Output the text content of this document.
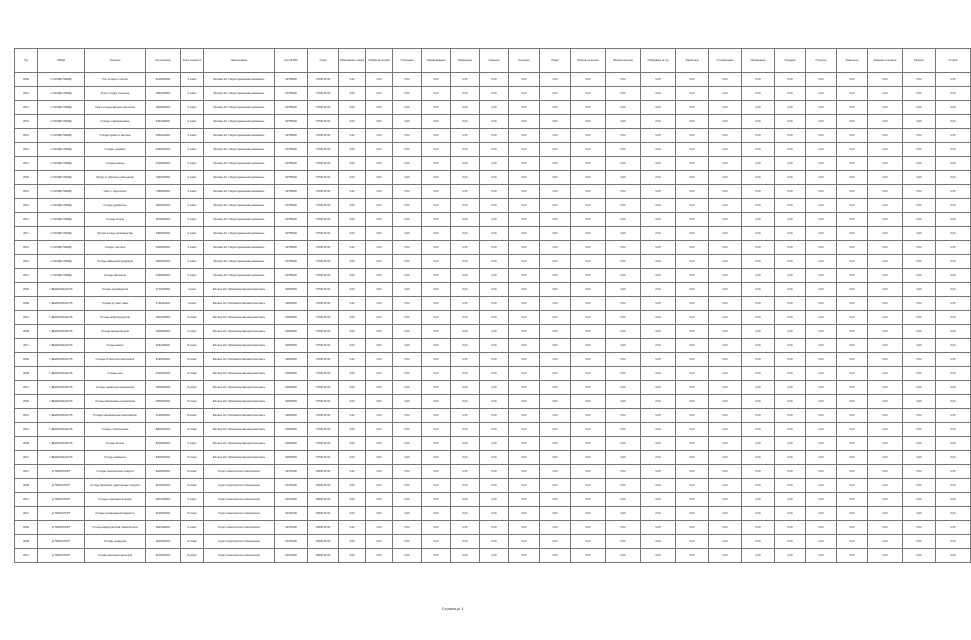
Год	ОКПД2	Описание	Код описания	Класс опасности	Наименование	Код ОКТМО	Отход	Образование отходов	Обработка отходов	Утилизация	Обезвреживание	Размещение	Хранение	Передача	Прием	Наличие на начало	Наличие на конец	Образовано за год	Обработано	Утилизировано	Обезврежено	Передано	Получено	Размещено	Хранение сторонних	Наличие	Остаток
2006	С ОКПД2 ОКВЭД	Ухо -отходы и прочее	4615000202	V класс	Филиал АО «Территориальная компания»	54756000	77000 00 00	0,00	0,00	0,00	0,00	0,00	0,00	0,00	0,00	0,00	0,00	0,00	0,00	0,00	0,00	0,00	0,00	0,00	0,00	0,00	0,00
2012	С ОКПД2 ОКВЭД	Лом и отходы стальные	4680102001	V класс	Филиал АО «Территориальная компания»	54756000	77000 00 00	0,00	0,00	0,00	0,00	0,00	0,00	0,00	0,00	0,00	0,00	0,00	0,00	0,00	0,00	0,00	0,00	0,00	0,00	0,00	0,00
2012	С ОКПД2 ОКВЭД	Лом и отходы цветных металлов	4620000001	V класс	Филиал АО «Территориальная компания»	54756000	77000 00 00	0,00	0,00	0,00	0,00	0,00	0,00	0,00	0,00	0,00	0,00	0,00	0,00	0,00	0,00	0,00	0,00	0,00	0,00	0,00	0,00
2010	С ОКПД2 ОКВЭД	Отходы пластмассовые	4341100001	V класс	Филиал АО «Территориальная компания»	54756000	77000 00 00	0,00	0,00	0,00	0,00	0,00	0,00	0,00	0,00	0,00	0,00	0,00	0,00	0,00	0,00	0,00	0,00	0,00	0,00	0,00	0,00
2012	С ОКПД2 ОКВЭД	Отходы бумаги и картона	4051010001	V класс	Филиал АО «Территориальная компания»	54756000	77000 00 00	0,00	0,00	0,00	0,00	0,00	0,00	0,00	0,00	0,00	0,00	0,00	0,00	0,00	0,00	0,00	0,00	0,00	0,00	0,00	0,00
2014	С ОКПД2 ОКВЭД	Отходы упаковки	4340000001	V класс	Филиал АО «Территориальная компания»	54756000	77000 00 00	0,00	0,00	0,00	0,00	0,00	0,00	0,00	0,00	0,00	0,00	0,00	0,00	0,00	0,00	0,00	0,00	0,00	0,00	0,00	0,00
2012	С ОКПД2 ОКВЭД	Отходы резины	4310000001	V класс	Филиал АО «Территориальная компания»	54756000	77000 00 00	0,00	0,00	0,00	0,00	0,00	0,00	0,00	0,00	0,00	0,00	0,00	0,00	0,00	0,00	0,00	0,00	0,00	0,00	0,00	0,00
2006	С ОКПД2 ОКВЭД	Мусор от офисных помещений	7331000001	V класс	Филиал АО «Территориальная компания»	54756000	77000 00 00	0,00	0,00	0,00	0,00	0,00	0,00	0,00	0,00	0,00	0,00	0,00	0,00	0,00	0,00	0,00	0,00	0,00	0,00	0,00	0,00
2012	С ОКПД2 ОКВЭД	Смет с территории	7339000001	V класс	Филиал АО «Территориальная компания»	54756000	77000 00 00	0,00	0,00	0,00	0,00	0,00	0,00	0,00	0,00	0,00	0,00	0,00	0,00	0,00	0,00	0,00	0,00	0,00	0,00	0,00	0,00
2012	С ОКПД2 ОКВЭД	Отходы древесины	3050000001	V класс	Филиал АО «Территориальная компания»	54756000	77000 00 00	0,00	0,00	0,00	0,00	0,00	0,00	0,00	0,00	0,00	0,00	0,00	0,00	0,00	0,00	0,00	0,00	0,00	0,00	0,00	0,00
2012	С ОКПД2 ОКВЭД	Отходы стекла	4510000001	V класс	Филиал АО «Территориальная компания»	54756000	77000 00 00	0,00	0,00	0,00	0,00	0,00	0,00	0,00	0,00	0,00	0,00	0,00	0,00	0,00	0,00	0,00	0,00	0,00	0,00	0,00	0,00
2011	С ОКПД2 ОКВЭД	Прочие отходы производства	4000000001	V класс	Филиал АО «Территориальная компания»	54756000	77000 00 00	0,00	0,00	0,00	0,00	0,00	0,00	0,00	0,00	0,00	0,00	0,00	0,00	0,00	0,00	0,00	0,00	0,00	0,00	0,00	0,00
2012	С ОКПД2 ОКВЭД	Отходы текстиля	4020000001	V класс	Филиал АО «Территориальная компания»	54756000	77000 00 00	0,00	0,00	0,00	0,00	0,00	0,00	0,00	0,00	0,00	0,00	0,00	0,00	0,00	0,00	0,00	0,00	0,00	0,00	0,00	0,00
2012	С ОКПД2 ОКВЭД	Отходы кабельной продукции	4820000001	V класс	Филиал АО «Территориальная компания»	54756000	77000 00 00	0,00	0,00	0,00	0,00	0,00	0,00	0,00	0,00	0,00	0,00	0,00	0,00	0,00	0,00	0,00	0,00	0,00	0,00	0,00	0,00
2012	С ОКПД2 ОКВЭД	Отходы фильтров	4430000001	V класс	Филиал АО «Территориальная компания»	54756000	77000 00 00	0,00	0,00	0,00	0,00	0,00	0,00	0,00	0,00	0,00	0,00	0,00	0,00	0,00	0,00	0,00	0,00	0,00	0,00	0,00	0,00
2006	Г ДЕЯТЕЛЬНОСТЬ	Отходы производства	4710100001	I класс	Филиал АО «Производственный комплекс»	54656000	77000 00 00	0,00	0,00	0,00	0,00	0,00	0,00	0,00	0,00	0,00	0,00	0,00	0,00	0,00	0,00	0,00	0,00	0,00	0,00	0,00	0,00
2008	Г ДЕЯТЕЛЬНОСТЬ	Отходы ртутных ламп	4711010001	I класс	Филиал АО «Производственный комплекс»	54656000	77000 00 00	0,00	0,00	0,00	0,00	0,00	0,00	0,00	0,00	0,00	0,00	0,00	0,00	0,00	0,00	0,00	0,00	0,00	0,00	0,00	0,00
2012	Г ДЕЯТЕЛЬНОСТЬ	Отходы нефтепродуктов	4061000001	III класс	Филиал АО «Производственный комплекс»	54656000	77000 00 00	0,00	0,00	0,00	0,00	0,00	0,00	0,00	0,00	0,00	0,00	0,00	0,00	0,00	0,00	0,00	0,00	0,00	0,00	0,00	0,00
2008	Г ДЕЯТЕЛЬНОСТЬ	Отходы аккумуляторов	4200000001	II класс	Филиал АО «Производственный комплекс»	54656000	77000 00 00	0,00	0,00	0,00	0,00	0,00	0,00	0,00	0,00	0,00	0,00	0,00	0,00	0,00	0,00	0,00	0,00	0,00	0,00	0,00	0,00
2011	Г ДЕЯТЕЛЬНОСТЬ	Отходы масел	4061100001	III класс	Филиал АО «Производственный комплекс»	54656000	77000 00 00	0,00	0,00	0,00	0,00	0,00	0,00	0,00	0,00	0,00	0,00	0,00	0,00	0,00	0,00	0,00	0,00	0,00	0,00	0,00	0,00
2006	Г ДЕЯТЕЛЬНОСТЬ	Отходы обтирочного материала	9192040001	IV класс	Филиал АО «Производственный комплекс»	54656000	77000 00 00	0,00	0,00	0,00	0,00	0,00	0,00	0,00	0,00	0,00	0,00	0,00	0,00	0,00	0,00	0,00	0,00	0,00	0,00	0,00	0,00
2008	Г ДЕЯТЕЛЬНОСТЬ	Отходы шин	4310000002	IV класс	Филиал АО «Производственный комплекс»	54656000	77000 00 00	0,00	0,00	0,00	0,00	0,00	0,00	0,00	0,00	0,00	0,00	0,00	0,00	0,00	0,00	0,00	0,00	0,00	0,00	0,00	0,00
2012	Г ДЕЯТЕЛЬНОСТЬ	Отходы смазочных материалов	4060000002	III класс	Филиал АО «Производственный комплекс»	54656000	77000 00 00	0,00	0,00	0,00	0,00	0,00	0,00	0,00	0,00	0,00	0,00	0,00	0,00	0,00	0,00	0,00	0,00	0,00	0,00	0,00	0,00
2006	Г ДЕЯТЕЛЬНОСТЬ	Отходы абразивных материалов	4560000001	IV класс	Филиал АО «Производственный комплекс»	54656000	77000 00 00	0,00	0,00	0,00	0,00	0,00	0,00	0,00	0,00	0,00	0,00	0,00	0,00	0,00	0,00	0,00	0,00	0,00	0,00	0,00	0,00
2012	Г ДЕЯТЕЛЬНОСТЬ	Отходы лакокрасочных материалов	4140000001	III класс	Филиал АО «Производственный комплекс»	54656000	77000 00 00	0,00	0,00	0,00	0,00	0,00	0,00	0,00	0,00	0,00	0,00	0,00	0,00	0,00	0,00	0,00	0,00	0,00	0,00	0,00	0,00
2012	Г ДЕЯТЕЛЬНОСТЬ	Отходы строительные	8900000001	IV класс	Филиал АО «Производственный комплекс»	54656000	77000 00 00	0,00	0,00	0,00	0,00	0,00	0,00	0,00	0,00	0,00	0,00	0,00	0,00	0,00	0,00	0,00	0,00	0,00	0,00	0,00	0,00
2008	Г ДЕЯТЕЛЬНОСТЬ	Отходы бетона	8220000001	V класс	Филиал АО «Производственный комплекс»	54656000	77000 00 00	0,00	0,00	0,00	0,00	0,00	0,00	0,00	0,00	0,00	0,00	0,00	0,00	0,00	0,00	0,00	0,00	0,00	0,00	0,00	0,00
2012	Г ДЕЯТЕЛЬНОСТЬ	Отходы асфальта	8300000001	IV класс	Филиал АО «Производственный комплекс»	54656000	77000 00 00	0,00	0,00	0,00	0,00	0,00	0,00	0,00	0,00	0,00	0,00	0,00	0,00	0,00	0,00	0,00	0,00	0,00	0,00	0,00	0,00
2011	Д ТРАНСПОРТ	Отходы транспортных средств	9200000001	IV класс	Отдел транспортного обеспечения	54701000	78000 00 00	0,00	0,00	0,00	0,00	0,00	0,00	0,00	0,00	0,00	0,00	0,00	0,00	0,00	0,00	0,00	0,00	0,00	0,00	0,00	0,00
2008	Д ТРАНСПОРТ	Отходы фильтров транспортных средств	9210000001	III класс	Отдел транспортного обеспечения	54701000	78000 00 00	0,00	0,00	0,00	0,00	0,00	0,00	0,00	0,00	0,00	0,00	0,00	0,00	0,00	0,00	0,00	0,00	0,00	0,00	0,00	0,00
2012	Д ТРАНСПОРТ	Отходы тормозных колодок	9203100001	V класс	Отдел транспортного обеспечения	54701000	78000 00 00	0,00	0,00	0,00	0,00	0,00	0,00	0,00	0,00	0,00	0,00	0,00	0,00	0,00	0,00	0,00	0,00	0,00	0,00	0,00	0,00
2012	Д ТРАНСПОРТ	Отходы охлаждающей жидкости	9218100001	IV класс	Отдел транспортного обеспечения	54701000	78000 00 00	0,00	0,00	0,00	0,00	0,00	0,00	0,00	0,00	0,00	0,00	0,00	0,00	0,00	0,00	0,00	0,00	0,00	0,00	0,00	0,00
2006	Д ТРАНСПОРТ	Отходы аккумуляторов транспортных	9201100001	II класс	Отдел транспортного обеспечения	54701000	78000 00 00	0,00	0,00	0,00	0,00	0,00	0,00	0,00	0,00	0,00	0,00	0,00	0,00	0,00	0,00	0,00	0,00	0,00	0,00	0,00	0,00
2008	Д ТРАНСПОРТ	Отходы покрышек	9211000001	IV класс	Отдел транспортного обеспечения	54701000	78000 00 00	0,00	0,00	0,00	0,00	0,00	0,00	0,00	0,00	0,00	0,00	0,00	0,00	0,00	0,00	0,00	0,00	0,00	0,00	0,00	0,00
2012	Д ТРАНСПОРТ	Отходы масляных фильтров	9213000001	III класс	Отдел транспортного обеспечения	54701000	78000 00 00	0,00	0,00	0,00	0,00	0,00	0,00	0,00	0,00	0,00	0,00	0,00	0,00	0,00	0,00	0,00	0,00	0,00	0,00	0,00	0,00
Страница 1
